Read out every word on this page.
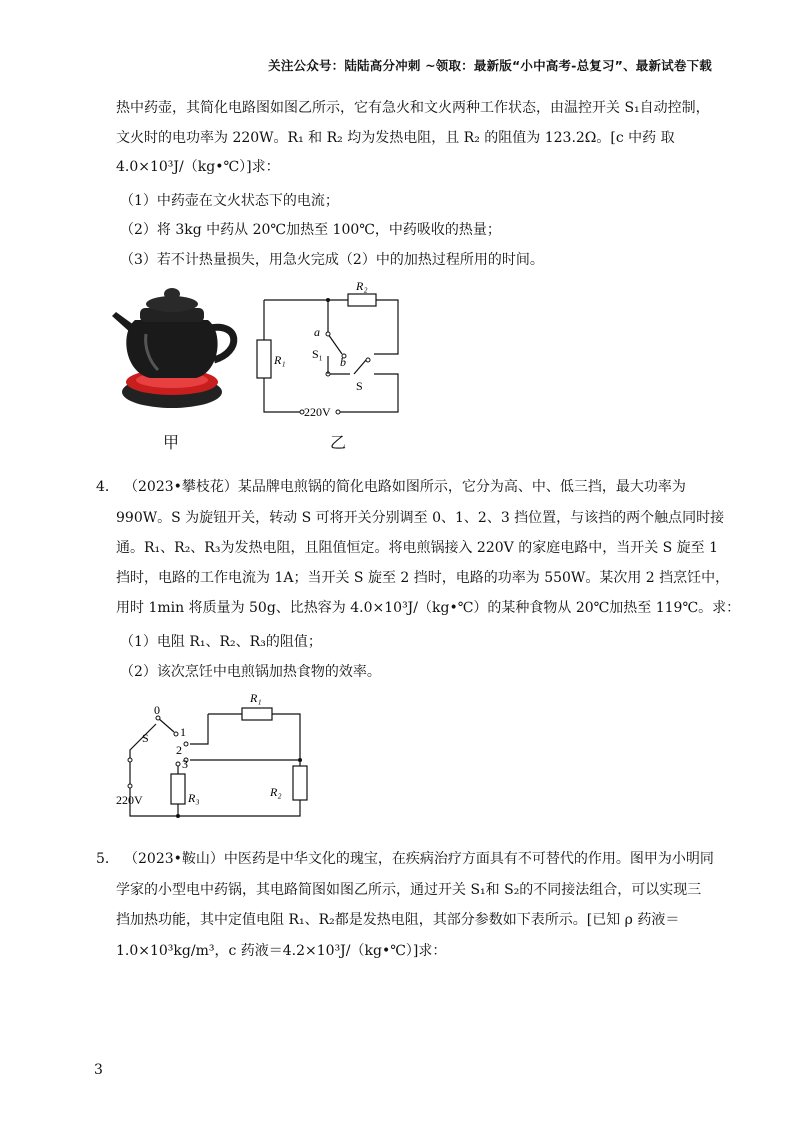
关注公众号：陆陆高分冲刺 ~领取：最新版“小中高考-总复习”、最新试卷下载
热中药壶，其简化电路图如图乙所示，它有急火和文火两种工作状态，由温控开关 S₁自动控制，
文火时的电功率为 220W。R₁ 和 R₂ 均为发热电阻，且 R₂ 的阻值为 123.2Ω。[c 中药 取
4.0×10³J/（kg•℃）]求：
（1）中药壶在文火状态下的电流；
（2）将 3kg 中药从 20℃加热至 100℃，中药吸收的热量；
（3）若不计热量损失，用急火完成（2）中的加热过程所用的时间。
甲
R₁
R₂
a
b
S₁
S
220V
乙
4． （2023•攀枝花）某品牌电煎锅的简化电路如图所示，它分为高、中、低三挡，最大功率为
990W。S 为旋钮开关，转动 S 可将开关分别调至 0、1、2、3 挡位置，与该挡的两个触点同时接
通。R₁、R₂、R₃为发热电阻，且阻值恒定。将电煎锅接入 220V 的家庭电路中，当开关 S 旋至 1
挡时，电路的工作电流为 1A；当开关 S 旋至 2 挡时，电路的功率为 550W。某次用 2 挡烹饪中，
用时 1min 将质量为 50g、比热容为 4.0×10³J/（kg•℃）的某种食物从 20℃加热至 119℃。求：
（1）电阻 R₁、R₂、R₃的阻值；
（2）该次烹饪中电煎锅加热食物的效率。
0
1
2
3
S
R₁
R₂
R₃
220V
5． （2023•鞍山）中医药是中华文化的瑰宝，在疾病治疗方面具有不可替代的作用。图甲为小明同
学家的小型电中药锅，其电路简图如图乙所示，通过开关 S₁和 S₂的不同接法组合，可以实现三
挡加热功能，其中定值电阻 R₁、R₂都是发热电阻，其部分参数如下表所示。[已知 ρ 药液＝
1.0×10³kg/m³，c 药液＝4.2×10³J/（kg•℃）]求：
3
